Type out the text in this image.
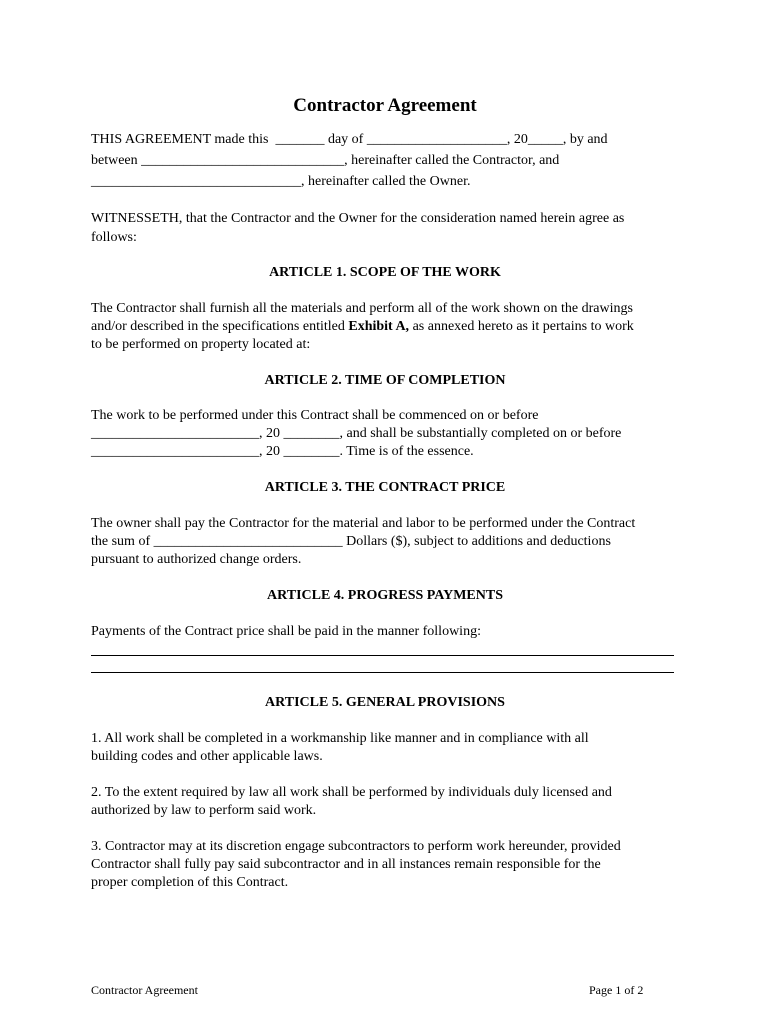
Contractor Agreement
THIS AGREEMENT made this  _______ day of ____________________, 20_____, by and
between _____________________________, hereinafter called the Contractor, and
______________________________, hereinafter called the Owner.
WITNESSETH, that the Contractor and the Owner for the consideration named herein agree as
follows:
ARTICLE 1. SCOPE OF THE WORK
The Contractor shall furnish all the materials and perform all of the work shown on the drawings
and/or described in the specifications entitled Exhibit A, as annexed hereto as it pertains to work
to be performed on property located at:
ARTICLE 2. TIME OF COMPLETION
The work to be performed under this Contract shall be commenced on or before
________________________, 20 ________, and shall be substantially completed on or before
________________________, 20 ________. Time is of the essence.
ARTICLE 3. THE CONTRACT PRICE
The owner shall pay the Contractor for the material and labor to be performed under the Contract
the sum of ___________________________ Dollars ($), subject to additions and deductions
pursuant to authorized change orders.
ARTICLE 4. PROGRESS PAYMENTS
Payments of the Contract price shall be paid in the manner following:
ARTICLE 5. GENERAL PROVISIONS
1. All work shall be completed in a workmanship like manner and in compliance with all
building codes and other applicable laws.
2. To the extent required by law all work shall be performed by individuals duly licensed and
authorized by law to perform said work.
3. Contractor may at its discretion engage subcontractors to perform work hereunder, provided
Contractor shall fully pay said subcontractor and in all instances remain responsible for the
proper completion of this Contract.
Contractor Agreement	Page 1 of 2
